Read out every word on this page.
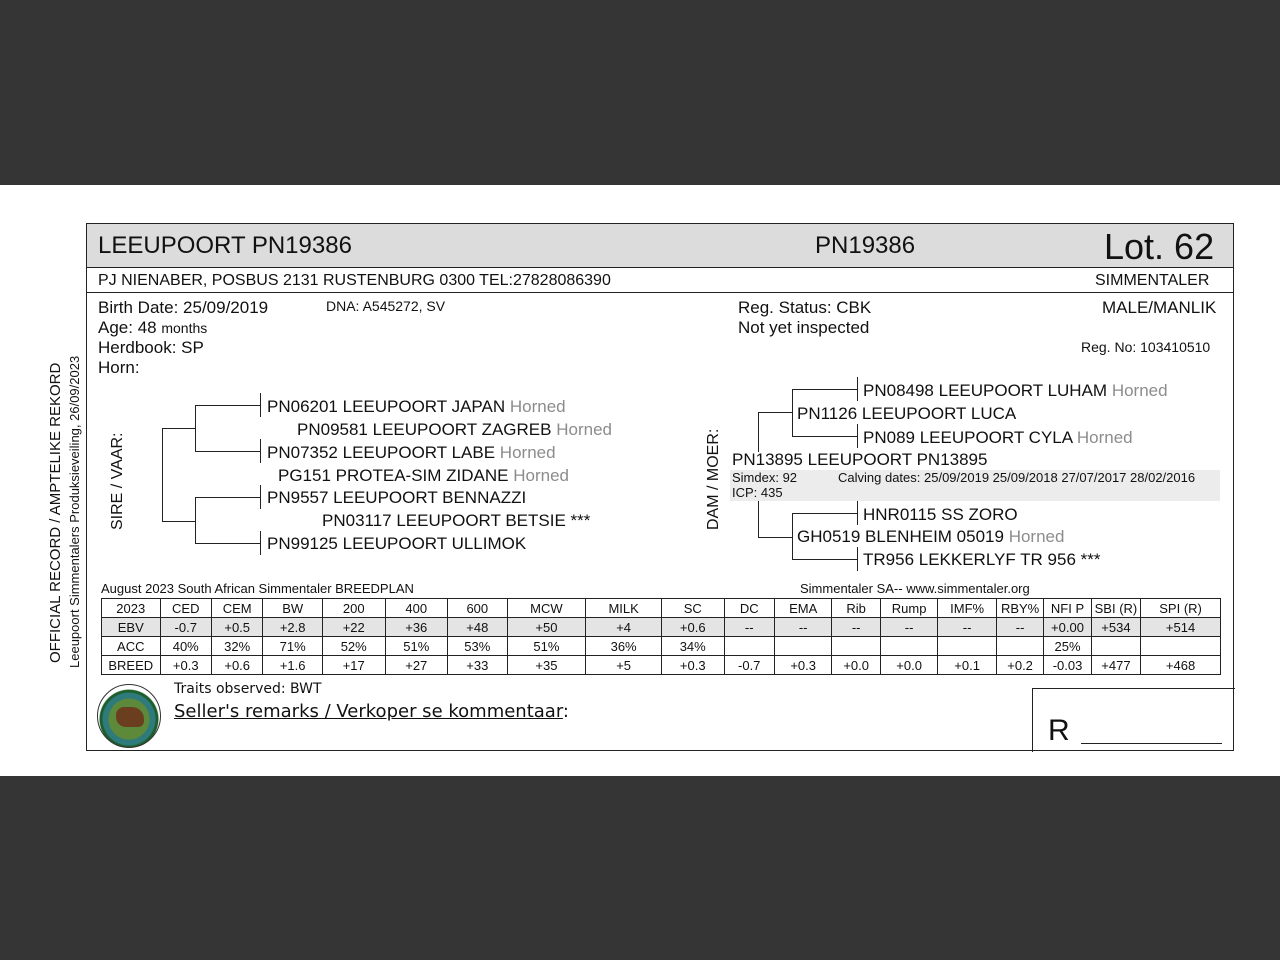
OFFICIAL RECORD / AMPTELIKE REKORD Leeupoort Simmentalers Produksieveiling, 26/09/2023
LEEUPOORT PN19386	PN19386	Lot. 62
PJ NIENABER, POSBUS 2131 RUSTENBURG 0300 TEL:27828086390	SIMMENTALER
Birth Date: 25/09/2019	DNA: A545272, SV
Age: 48 months
Herdbook: SP
Horn:
Reg. Status: CBK
Not yet inspected
MALE/MANLIK
Reg. No: 103410510
SIRE / VAAR:
PN06201 LEEUPOORT JAPAN Horned
PN09581 LEEUPOORT ZAGREB Horned
PN07352 LEEUPOORT LABE Horned
PG151 PROTEA-SIM ZIDANE Horned
PN9557 LEEUPOORT BENNAZZI
PN03117 LEEUPOORT BETSIE ***
PN99125 LEEUPOORT ULLIMOK
DAM / MOER:
PN08498 LEEUPOORT LUHAM Horned
PN1126 LEEUPOORT LUCA
PN089 LEEUPOORT CYLA Horned
PN13895 LEEUPOORT PN13895
Simdex: 92	Calving dates: 25/09/2019 25/09/2018 27/07/2017 28/02/2016
ICP: 435
HNR0115 SS ZORO
GH0519 BLENHEIM 05019 Horned
TR956 LEKKERLYF TR 956 ***
August 2023 South African Simmentaler BREEDPLAN	Simmentaler SA-- www.simmentaler.org
2023	CED	CEM	BW	200	400	600	MCW	MILK	SC	DC	EMA	Rib	Rump	IMF%	RBY%	NFI P	SBI (R)	SPI (R)
EBV	-0.7	+0.5	+2.8	+22	+36	+48	+50	+4	+0.6	--	--	--	--	--	--	+0.00	+534	+514
ACC	40%	32%	71%	52%	51%	53%	51%	36%	34%							25%		
BREED	+0.3	+0.6	+1.6	+17	+27	+33	+35	+5	+0.3	-0.7	+0.3	+0.0	+0.0	+0.1	+0.2	-0.03	+477	+468
Traits observed: BWT
Seller's remarks / Verkoper se kommentaar:
R
